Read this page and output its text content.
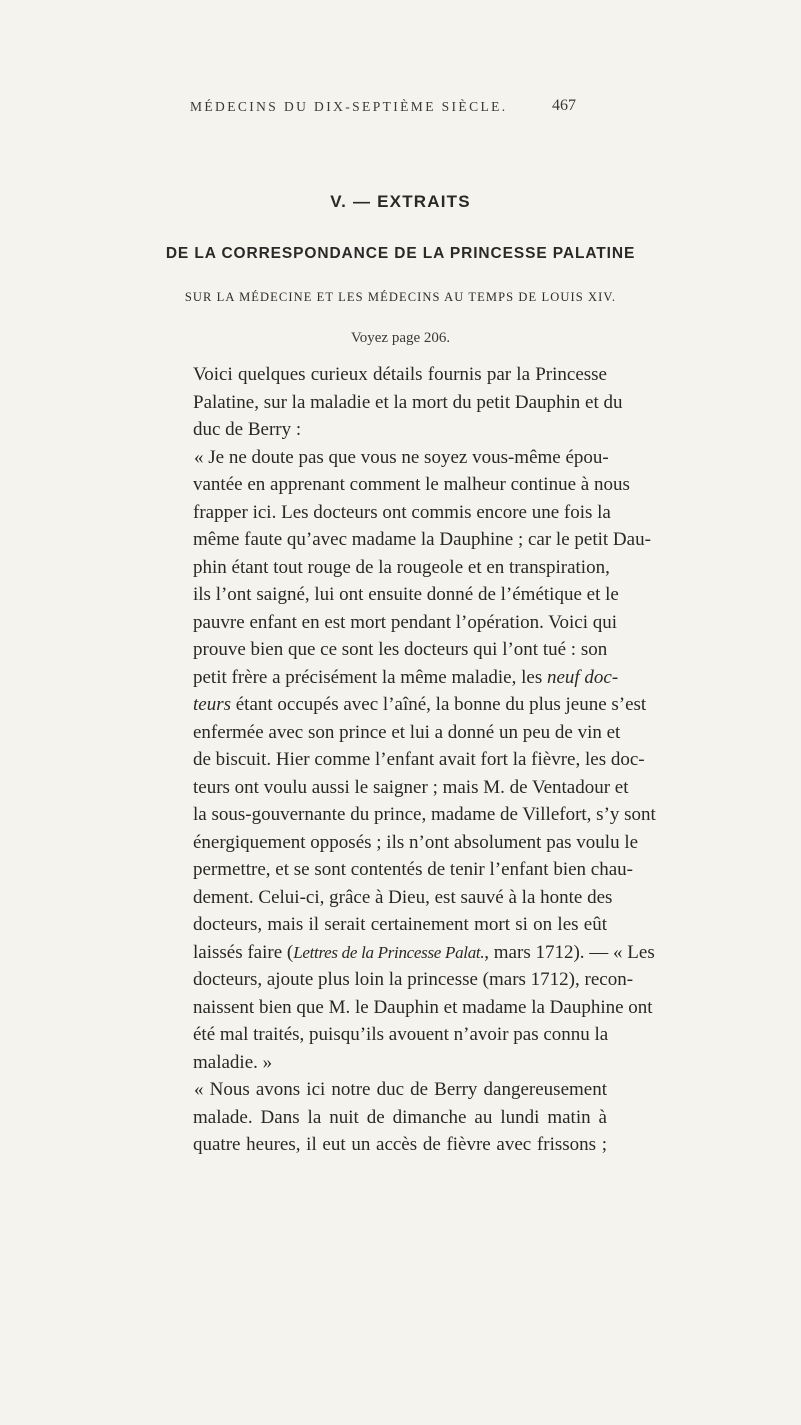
MÉDECINS DU DIX-SEPTIÈME SIÈCLE.	467
V. — EXTRAITS
DE LA CORRESPONDANCE DE LA PRINCESSE PALATINE
SUR LA MÉDECINE ET LES MÉDECINS AU TEMPS DE LOUIS XIV.
Voyez page 206.
Voici quelques curieux détails fournis par la Princesse
Palatine, sur la maladie et la mort du petit Dauphin et du
duc de Berry :
« Je ne doute pas que vous ne soyez vous-même épou-
vantée en apprenant comment le malheur continue à nous
frapper ici. Les docteurs ont commis encore une fois la
même faute qu’avec madame la Dauphine ; car le petit Dau-
phin étant tout rouge de la rougeole et en transpiration,
ils l’ont saigné, lui ont ensuite donné de l’émétique et le
pauvre enfant en est mort pendant l’opération. Voici qui
prouve bien que ce sont les docteurs qui l’ont tué : son
petit frère a précisément la même maladie, les neuf doc-
teurs étant occupés avec l’aîné, la bonne du plus jeune s’est
enfermée avec son prince et lui a donné un peu de vin et
de biscuit. Hier comme l’enfant avait fort la fièvre, les doc-
teurs ont voulu aussi le saigner ; mais M. de Ventadour et
la sous-gouvernante du prince, madame de Villefort, s’y sont
énergiquement opposés ; ils n’ont absolument pas voulu le
permettre, et se sont contentés de tenir l’enfant bien chau-
dement. Celui-ci, grâce à Dieu, est sauvé à la honte des
docteurs, mais il serait certainement mort si on les eût
laissés faire (Lettres de la Princesse Palat., mars 1712). — « Les
docteurs, ajoute plus loin la princesse (mars 1712), recon-
naissent bien que M. le Dauphin et madame la Dauphine ont
été mal traités, puisqu’ils avouent n’avoir pas connu la
maladie. »
« Nous avons ici notre duc de Berry dangereusement
malade. Dans la nuit de dimanche au lundi matin à
quatre heures, il eut un accès de fièvre avec frissons ;
